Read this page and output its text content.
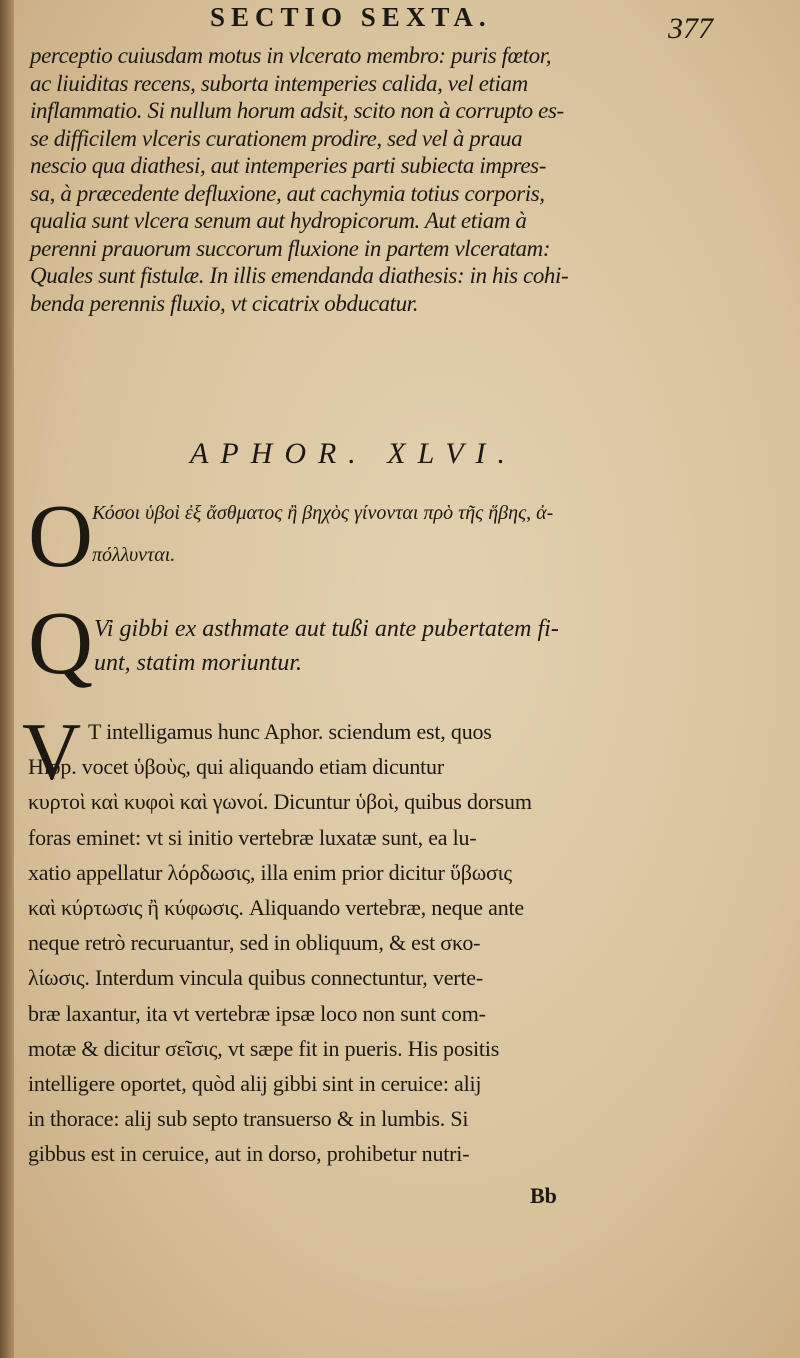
SECTIO SEXTA.	377
perceptio cuiusdam motus in vlcerato membro: puris fœtor,
ac liuiditas recens, suborta intemperies calida, vel etiam
inflammatio. Si nullum horum adsit, scito non à corrupto es-
se difficilem vlceris curationem prodire, sed vel à praua
nescio qua diathesi, aut intemperies parti subiecta impres-
sa, à præcedente defluxione, aut cachymia totius corporis,
qualia sunt vlcera senum aut hydropicorum. Aut etiam à
perenni prauorum succorum fluxione in partem vlceratam:
Quales sunt fistulæ. In illis emendanda diathesis: in his cohi-
benda perennis fluxio, vt cicatrix obducatur.
APHOR. XLVI.
O Κόσοι ὑβοὶ ἐξ ἄσθματος ἢ βηχὸς γίνονται πρὸ τῆς ἥβης, ἀ-
πόλλυνται.
Q Vi gibbi ex asthmate aut tußi ante pubertatem fi-
unt, statim moriuntur.
V T intelligamus hunc Aphor. sciendum est, quos
Hipp. vocet ὑβοὺς, qui aliquando etiam dicuntur
κυρτοὶ καὶ κυφοὶ καὶ γωνοί. Dicuntur ὑβοὶ, quibus dorsum
foras eminet: vt si initio vertebræ luxatæ sunt, ea lu-
xatio appellatur λόρδωσις, illa enim prior dicitur ὕβωσις
καὶ κύρτωσις ἢ κύφωσις. Aliquando vertebræ, neque ante
neque retrò recuruantur, sed in obliquum, & est σκο-
λίωσις. Interdum vincula quibus connectuntur, verte-
bræ laxantur, ita vt vertebræ ipsæ loco non sunt com-
motæ & dicitur σεῖσις, vt sæpe fit in pueris. His positis
intelligere oportet, quòd alij gibbi sint in ceruice: alij
in thorace: alij sub septo transuerso & in lumbis. Si
gibbus est in ceruice, aut in dorso, prohibetur nutri-
Bb
